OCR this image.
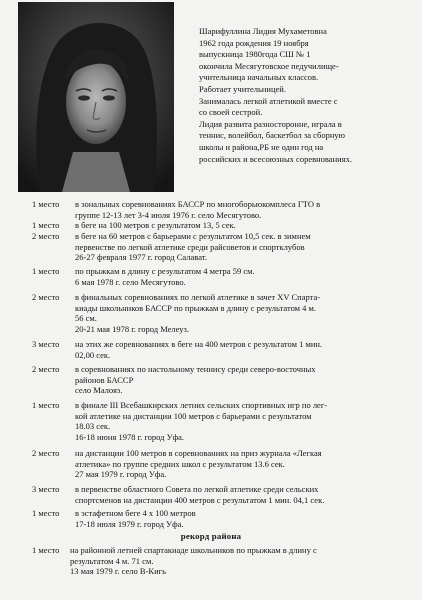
Шарифуллина Лидия Мухаметовна
1962 года рождения 19 ноября
выпускница 1980года СШ № 1
окончила Месягутовское педучилище-
учительница начальных классов.
Работает учительницей.
Занималась легкой атлетикой вместе с
со своей сестрой.
Лидия развита разносторонне, играла в
теннис, волейбол, баскетбол за сборную
школы и района,РБ не один год на
российских и всесоюзных соревнованиях.
1 место в зональных соревнованиях БАССР по многоборьюкомплеса ГТО в
группе 12-13 лет 3-4 июля 1976 г. село Месягутово.
1 место в беге на 100 метров с результатом 13, 5 сек.
2 место в беге на 60 метров с барьерами с результатом 10,5 сек. в зимнем
первенстве по легкой атлетике среди райсоветов и спортклубов
26-27 февраля 1977 г. город Салават.
1 место по прыжкам в длину с результатом 4 метра 59 см.
6 мая 1978 г. село Месягутово.
2 место в финальных соревнованиях по легкой атлетике в зачет XV Спарта-
киады школьников БАССР по прыжкам в длину с результатом 4 м.
56 см.
20-21 мая 1978 г. город Мелеуз.
3 место на этих же соревнованиях в беге на 400 метров с результатом 1 мин.
02,00 сек.
2 место в соревнованиях по настольному теннису среди северо-восточных
районов БАССР
село Малояз.
1 место в финале III Всебашкирских летних сельских спортивных игр по лег-
кой атлетике на дистанции 100 метров с барьерами с результатом
18.03 сек.
16-18 июня 1978 г. город Уфа.
2 место на дистанции 100 метров в соревнованиях на приз журнала «Легкая
атлетика» по группе средних школ с результатом 13.6 сек.
27 мая 1979 г. город Уфа.
3 место в первенстве областного Совета по легкой атлетике среди сельских
спортсменов на дистанции 400 метров с результатом 1 мин. 04,1 сек.
1 место в эстафетном беге 4 х 100 метров
17-18 июля 1979 г. город Уфа.
рекорд района
1 место на районной летней спартакиаде школьников по прыжкам в длину с
результатом 4 м. 71 см.
13 мая 1979 г. село В-Кигь
